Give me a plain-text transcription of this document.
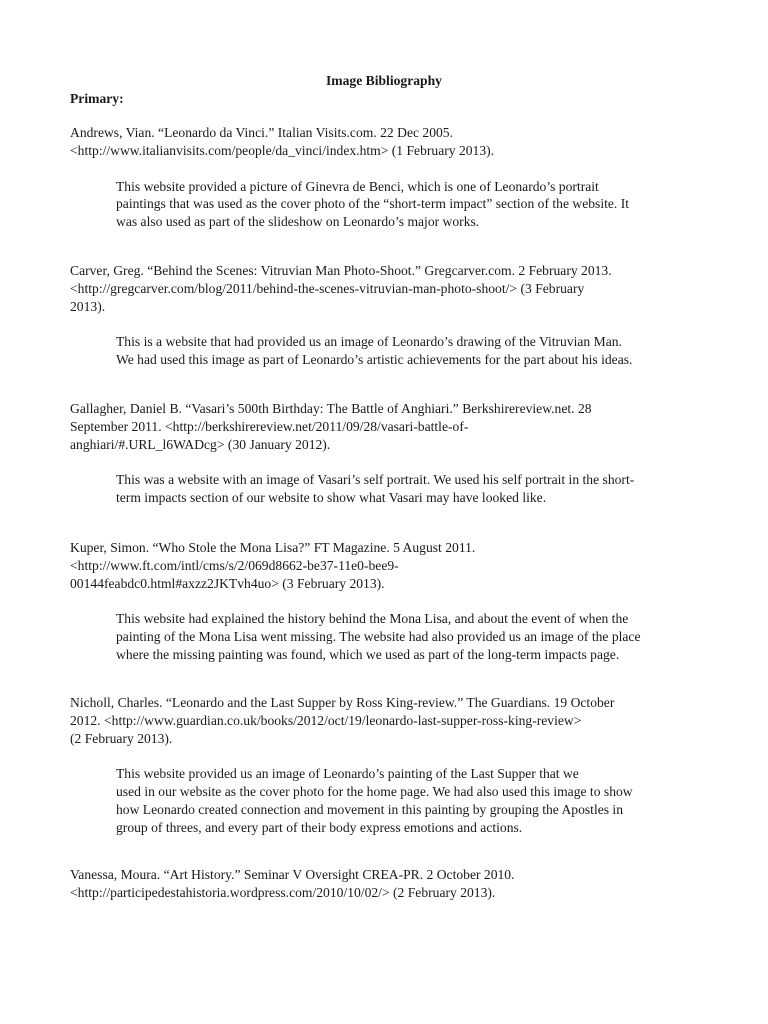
Image Bibliography
Primary:

Andrews, Vian. “Leonardo da Vinci.” Italian Visits.com. 22 Dec 2005.
<http://www.italianvisits.com/people/da_vinci/index.htm> (1 February 2013).

This website provided a picture of Ginevra de Benci, which is one of Leonardo’s portrait
paintings that was used as the cover photo of the “short-term impact” section of the website. It
was also used as part of the slideshow on Leonardo’s major works.

Carver, Greg. “Behind the Scenes: Vitruvian Man Photo-Shoot.” Gregcarver.com. 2 February 2013.
<http://gregcarver.com/blog/2011/behind-the-scenes-vitruvian-man-photo-shoot/> (3 February
2013).

This is a website that had provided us an image of Leonardo’s drawing of the Vitruvian Man.
We had used this image as part of Leonardo’s artistic achievements for the part about his ideas.

Gallagher, Daniel B. “Vasari’s 500th Birthday: The Battle of Anghiari.” Berkshirereview.net. 28
September 2011. <http://berkshirereview.net/2011/09/28/vasari-battle-of-
anghiari/#.URL_l6WADcg> (30 January 2012).

This was a website with an image of Vasari’s self portrait. We used his self portrait in the short-
term impacts section of our website to show what Vasari may have looked like.

Kuper, Simon. “Who Stole the Mona Lisa?” FT Magazine. 5 August 2011.
<http://www.ft.com/intl/cms/s/2/069d8662-be37-11e0-bee9-
00144feabdc0.html#axzz2JKTvh4uo> (3 February 2013).

This website had explained the history behind the Mona Lisa, and about the event of when the
painting of the Mona Lisa went missing. The website had also provided us an image of the place
where the missing painting was found, which we used as part of the long-term impacts page.

Nicholl, Charles. “Leonardo and the Last Supper by Ross King-review.” The Guardians. 19 October
2012. <http://www.guardian.co.uk/books/2012/oct/19/leonardo-last-supper-ross-king-review>
(2 February 2013).

This website provided us an image of Leonardo’s painting of the Last Supper that we
used in our website as the cover photo for the home page. We had also used this image to show
how Leonardo created connection and movement in this painting by grouping the Apostles in
group of threes, and every part of their body express emotions and actions.

Vanessa, Moura. “Art History.” Seminar V Oversight CREA-PR. 2 October 2010.
<http://participedestahistoria.wordpress.com/2010/10/02/> (2 February 2013).
